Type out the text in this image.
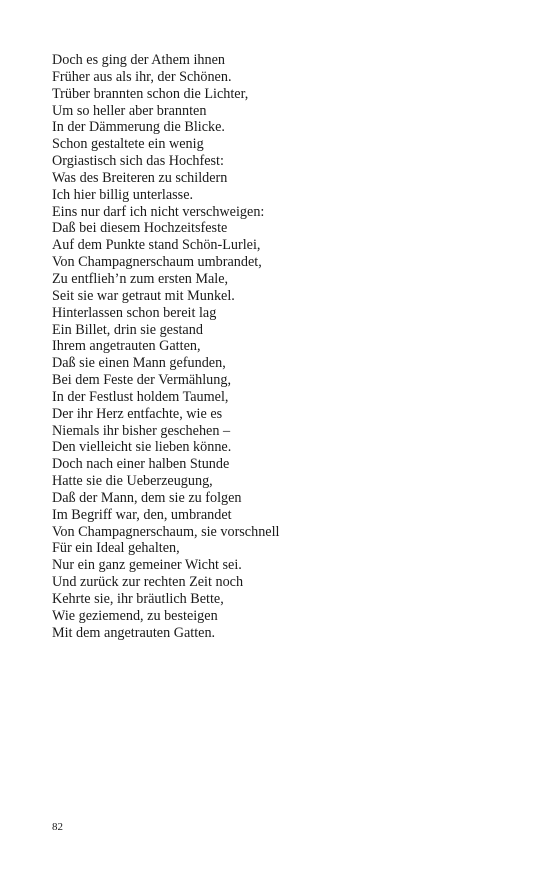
Doch es ging der Athem ihnen
Früher aus als ihr, der Schönen.
Trüber brannten schon die Lichter,
Um so heller aber brannten
In der Dämmerung die Blicke.
Schon gestaltete ein wenig
Orgiastisch sich das Hochfest:
Was des Breiteren zu schildern
Ich hier billig unterlasse.
Eins nur darf ich nicht verschweigen:
Daß bei diesem Hochzeitsfeste
Auf dem Punkte stand Schön-Lurlei,
Von Champagnerschaum umbrandet,
Zu entflieh’n zum ersten Male,
Seit sie war getraut mit Munkel.
Hinterlassen schon bereit lag
Ein Billet, drin sie gestand
Ihrem angetrauten Gatten,
Daß sie einen Mann gefunden,
Bei dem Feste der Vermählung,
In der Festlust holdem Taumel,
Der ihr Herz entfachte, wie es
Niemals ihr bisher geschehen –
Den vielleicht sie lieben könne.
Doch nach einer halben Stunde
Hatte sie die Ueberzeugung,
Daß der Mann, dem sie zu folgen
Im Begriff war, den, umbrandet
Von Champagnerschaum, sie vorschnell
Für ein Ideal gehalten,
Nur ein ganz gemeiner Wicht sei.
Und zurück zur rechten Zeit noch
Kehrte sie, ihr bräutlich Bette,
Wie geziemend, zu besteigen
Mit dem angetrauten Gatten.
82
